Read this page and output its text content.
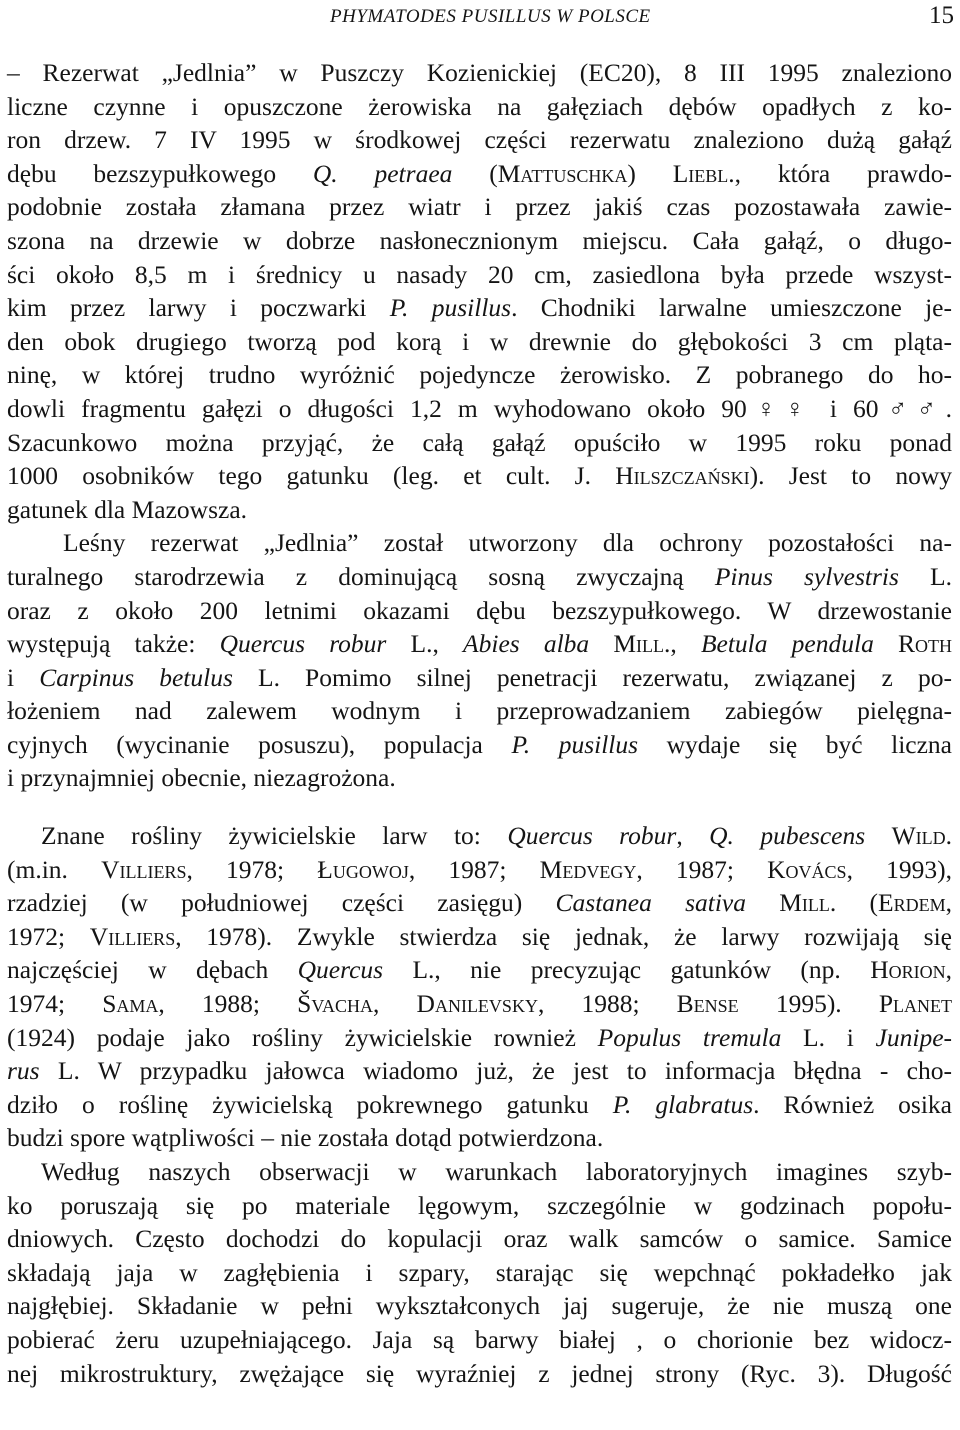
PHYMATODES PUSILLUS W POLSCE	15
– Rezerwat „Jedlnia” w Puszczy Kozienickiej (EC20), 8 III 1995 znaleziono
liczne czynne i opuszczone żerowiska na gałęziach dębów opadłych z ko-
ron drzew. 7 IV 1995 w środkowej części rezerwatu znaleziono dużą gałąź
dębu bezszypułkowego Q. petraea (Mattuschka) Liebl., która prawdo-
podobnie została złamana przez wiatr i przez jakiś czas pozostawała zawie-
szona na drzewie w dobrze nasłonecznionym miejscu. Cała gałąź, o długo-
ści około 8,5 m i średnicy u nasady 20 cm, zasiedlona była przede wszyst-
kim przez larwy i poczwarki P. pusillus. Chodniki larwalne umieszczone je-
den obok drugiego tworzą pod korą i w drewnie do głębokości 3 cm pląta-
ninę, w której trudno wyróżnić pojedyncze żerowisko. Z pobranego do ho-
dowli fragmentu gałęzi o długości 1,2 m wyhodowano około 90♀♀ i 60♂♂.
Szacunkowo można przyjąć, że całą gałąź opuściło w 1995 roku ponad
1000 osobników tego gatunku (leg. et cult. J. Hilszczański). Jest to nowy
gatunek dla Mazowsza.
Leśny rezerwat „Jedlnia” został utworzony dla ochrony pozostałości na-
turalnego starodrzewia z dominującą sosną zwyczajną Pinus sylvestris L.
oraz z około 200 letnimi okazami dębu bezszypułkowego. W drzewostanie
występują także: Quercus robur L., Abies alba Mill., Betula pendula Roth
i Carpinus betulus L. Pomimo silnej penetracji rezerwatu, związanej z po-
łożeniem nad zalewem wodnym i przeprowadzaniem zabiegów pielęgna-
cyjnych (wycinanie posuszu), populacja P. pusillus wydaje się być liczna
i przynajmniej obecnie, niezagrożona.
Znane rośliny żywicielskie larw to: Quercus robur, Q. pubescens Wild.
(m.in. Villiers, 1978; Ługowoj, 1987; Medvegy, 1987; Kovács, 1993),
rzadziej (w południowej części zasięgu) Castanea sativa Mill. (Erdem,
1972; Villiers, 1978). Zwykle stwierdza się jednak, że larwy rozwijają się
najczęściej w dębach Quercus L., nie precyzując gatunków (np. Horion,
1974; Sama, 1988; Švacha, Danilevsky, 1988; Bense 1995). Planet
(1924) podaje jako rośliny żywicielskie rownież Populus tremula L. i Junipe-
rus L. W przypadku jałowca wiadomo już, że jest to informacja błędna - cho-
dziło o roślinę żywicielską pokrewnego gatunku P. glabratus. Również osika
budzi spore wątpliwości – nie została dotąd potwierdzona.
Według naszych obserwacji w warunkach laboratoryjnych imagines szyb-
ko poruszają się po materiale lęgowym, szczególnie w godzinach popołu-
dniowych. Często dochodzi do kopulacji oraz walk samców o samice. Samice
składają jaja w zagłębienia i szpary, starając się wepchnąć pokładełko jak
najgłębiej. Składanie w pełni wykształconych jaj sugeruje, że nie muszą one
pobierać żeru uzupełniającego. Jaja są barwy białej , o chorionie bez widocz-
nej mikrostruktury, zwężające się wyraźniej z jednej strony (Ryc. 3). Długość
